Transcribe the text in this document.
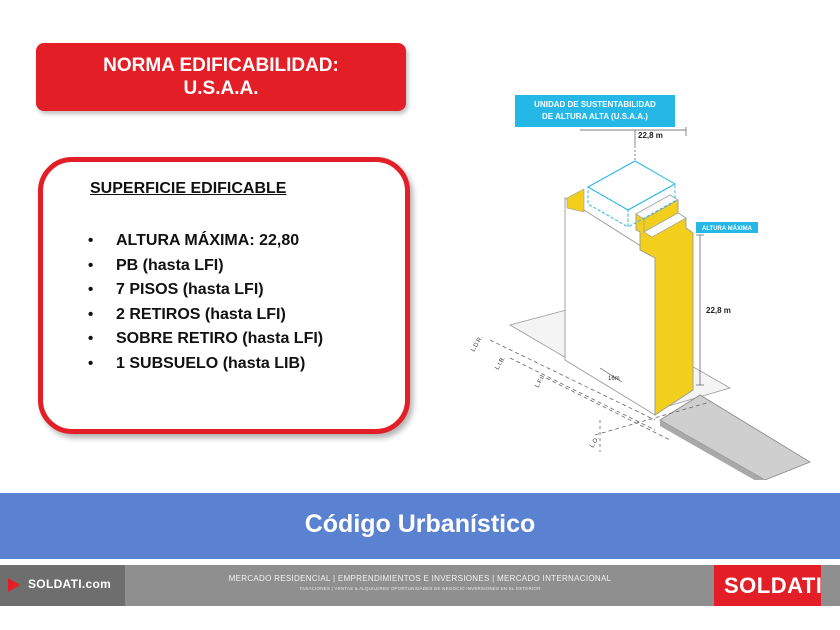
NORMA EDIFICABILIDAD:
U.S.A.A.
SUPERFICIE EDIFICABLE
• ALTURA MÁXIMA: 22,80
• PB (hasta LFI)
• 7 PISOS (hasta LFI)
• 2 RETIROS (hasta LFI)
• SOBRE RETIRO (hasta LFI)
• 1 SUBSUELO (hasta LIB)
UNIDAD DE SUSTENTABILIDAD
DE ALTURA ALTA (U.S.A.A.)
22,8 m
ALTURA MÁXIMA
22,8 m
16m
L.D.R.
L.I.B.
L.F.I.
L.O.
Código Urbanístico
SOLDATI.com	MERCADO RESIDENCIAL | EMPRENDIMIENTOS E INVERSIONES | MERCADO INTERNACIONAL
TASACIONES | VENTAS & ALQUILERES OPORTUNIDADES DE NEGOCIO INVERSIONES EN EL EXTERIOR	SOLDATI
